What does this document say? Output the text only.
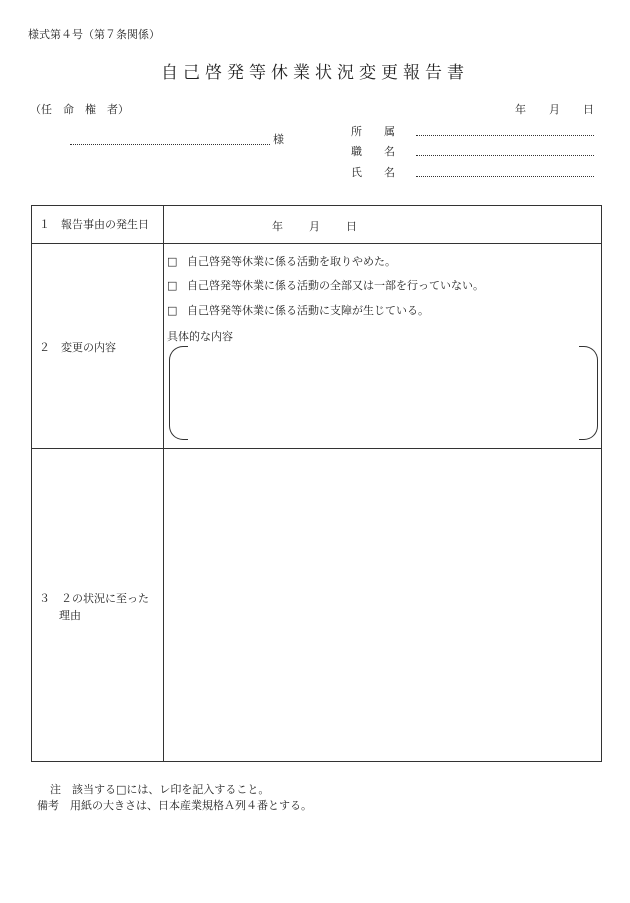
様式第４号（第７条関係）
自己啓発等休業状況変更報告書
（任　命　権　者）	年 月 日
様
所　　属
職　　名
氏　　名
１　報告事由の発生日	年 月 日
２　変更の内容
□ 自己啓発等休業に係る活動を取りやめた。
□ 自己啓発等休業に係る活動の全部又は一部を行っていない。
□ 自己啓発等休業に係る活動に支障が生じている。
具体的な内容
３　２の状況に至った
理由
注　該当する□には、レ印を記入すること。
備考　用紙の大きさは、日本産業規格Ａ列４番とする。
